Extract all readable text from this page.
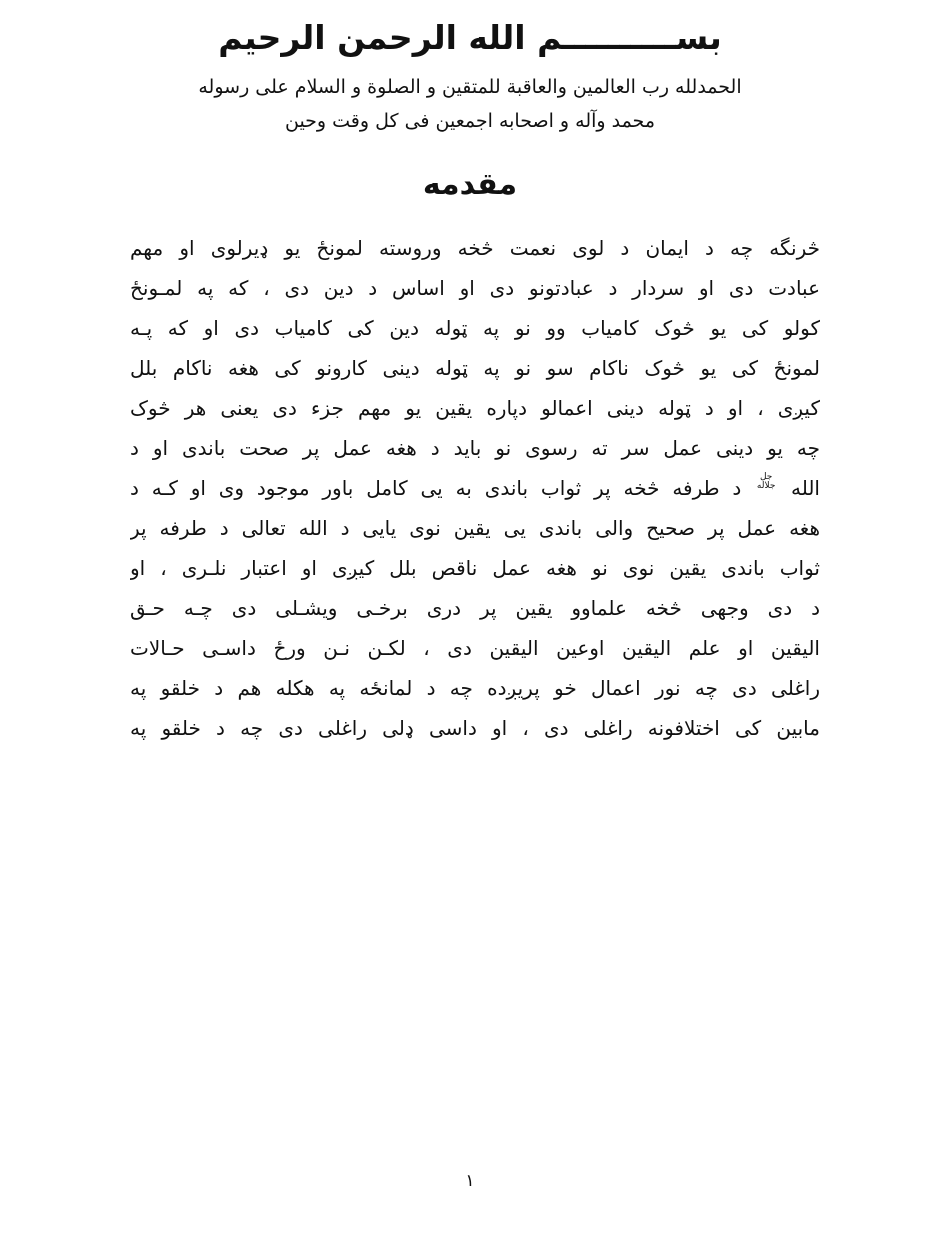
بســــــــــم الله الرحمن الرحيم
الحمدلله رب العالمين والعاقبة للمتقين و الصلوة و السلام على رسوله
محمد وآله و اصحابه اجمعين فى كل وقت وحين
مقدمه
څرنگه چه د ايمان د لوی نعمت څخه وروسته لمونځ يو ډيرلوی او مهم
عبادت دی او سردار د عبادتونو دی او اساس د دين دی ، كه په لمـونځ
كولو كی يو څوک كامياب وو نو په ټوله دين كی كامياب دی او كه پـه
لمونځ كی يو څوک ناكام سو نو په ټوله دينی كارونو كی هغه ناكام بلل
كيږی ، او د ټوله دينی اعمالو دپاره يقين يو مهم جزء دی يعنی هر څوک
چه يو دينی عمل سر ته رسوی نو بايد د هغه عمل پر صحت باندی او د
الله جل جلاله د طرفه څخه پر ثواب باندی به يی كامل باور موجود وی او كـه د
هغه عمل پر صحيح والی باندی يی يقين نوی يايی د الله تعالی د طرفه پر
ثواب باندی يقين نوی نو هغه عمل ناقص بلل كيږی او اعتبار نلـری ، او
د دی وجهی څخه علماوو يقين پر دری برخـی ويشـلی دی چـه حـق
اليقين او علم اليقين اوعين اليقين دی ، لكـن نـن ورځ داسـی حـالات
راغلی دی چه نور اعمال خو پريږده چه د لمانځه په هكله هم د خلقو په
مابين كی اختلافونه راغلی دی ، او داسی ډلی راغلی دی چه د خلقو په
١
